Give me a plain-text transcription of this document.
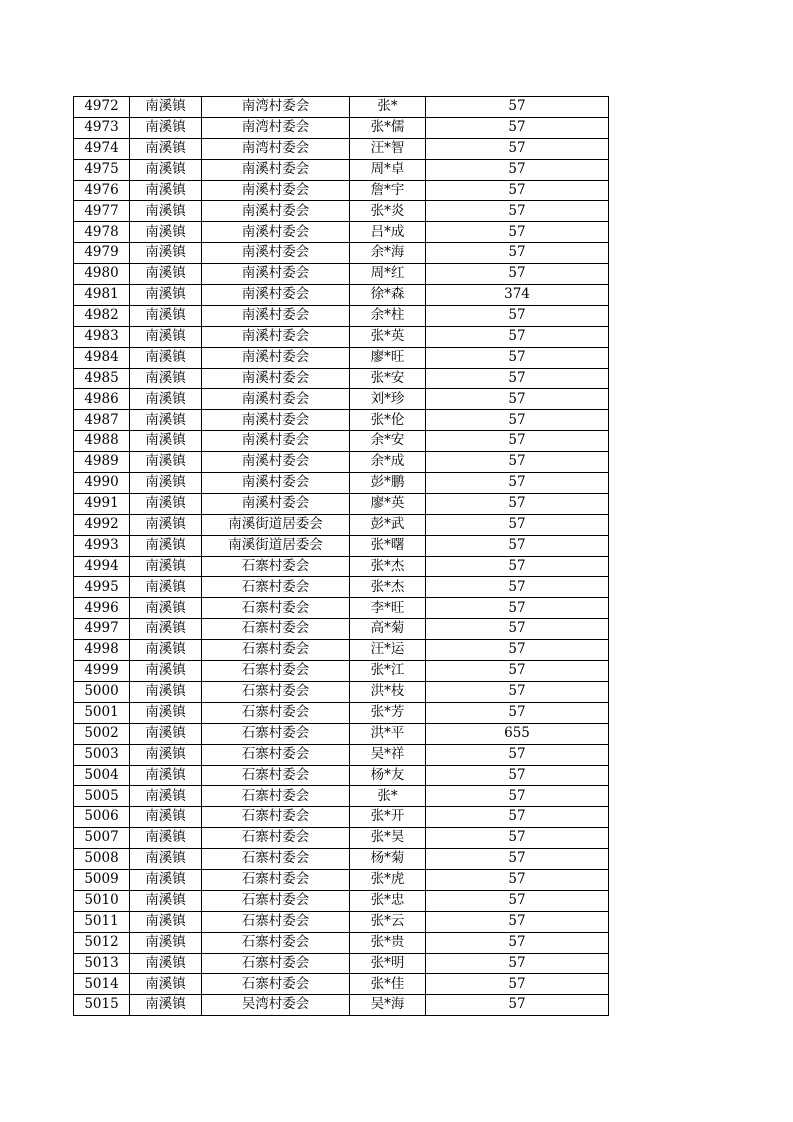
4972	南溪镇	南湾村委会	张*	57
4973	南溪镇	南湾村委会	张*儒	57
4974	南溪镇	南湾村委会	汪*智	57
4975	南溪镇	南溪村委会	周*卓	57
4976	南溪镇	南溪村委会	詹*宇	57
4977	南溪镇	南溪村委会	张*炎	57
4978	南溪镇	南溪村委会	吕*成	57
4979	南溪镇	南溪村委会	余*海	57
4980	南溪镇	南溪村委会	周*红	57
4981	南溪镇	南溪村委会	徐*森	374
4982	南溪镇	南溪村委会	余*柱	57
4983	南溪镇	南溪村委会	张*英	57
4984	南溪镇	南溪村委会	廖*旺	57
4985	南溪镇	南溪村委会	张*安	57
4986	南溪镇	南溪村委会	刘*珍	57
4987	南溪镇	南溪村委会	张*伦	57
4988	南溪镇	南溪村委会	余*安	57
4989	南溪镇	南溪村委会	余*成	57
4990	南溪镇	南溪村委会	彭*鹏	57
4991	南溪镇	南溪村委会	廖*英	57
4992	南溪镇	南溪街道居委会	彭*武	57
4993	南溪镇	南溪街道居委会	张*曙	57
4994	南溪镇	石寨村委会	张*杰	57
4995	南溪镇	石寨村委会	张*杰	57
4996	南溪镇	石寨村委会	李*旺	57
4997	南溪镇	石寨村委会	高*菊	57
4998	南溪镇	石寨村委会	汪*运	57
4999	南溪镇	石寨村委会	张*江	57
5000	南溪镇	石寨村委会	洪*枝	57
5001	南溪镇	石寨村委会	张*芳	57
5002	南溪镇	石寨村委会	洪*平	655
5003	南溪镇	石寨村委会	吴*祥	57
5004	南溪镇	石寨村委会	杨*友	57
5005	南溪镇	石寨村委会	张*	57
5006	南溪镇	石寨村委会	张*开	57
5007	南溪镇	石寨村委会	张*昊	57
5008	南溪镇	石寨村委会	杨*菊	57
5009	南溪镇	石寨村委会	张*虎	57
5010	南溪镇	石寨村委会	张*忠	57
5011	南溪镇	石寨村委会	张*云	57
5012	南溪镇	石寨村委会	张*贵	57
5013	南溪镇	石寨村委会	张*明	57
5014	南溪镇	石寨村委会	张*佳	57
5015	南溪镇	吴湾村委会	吴*海	57
